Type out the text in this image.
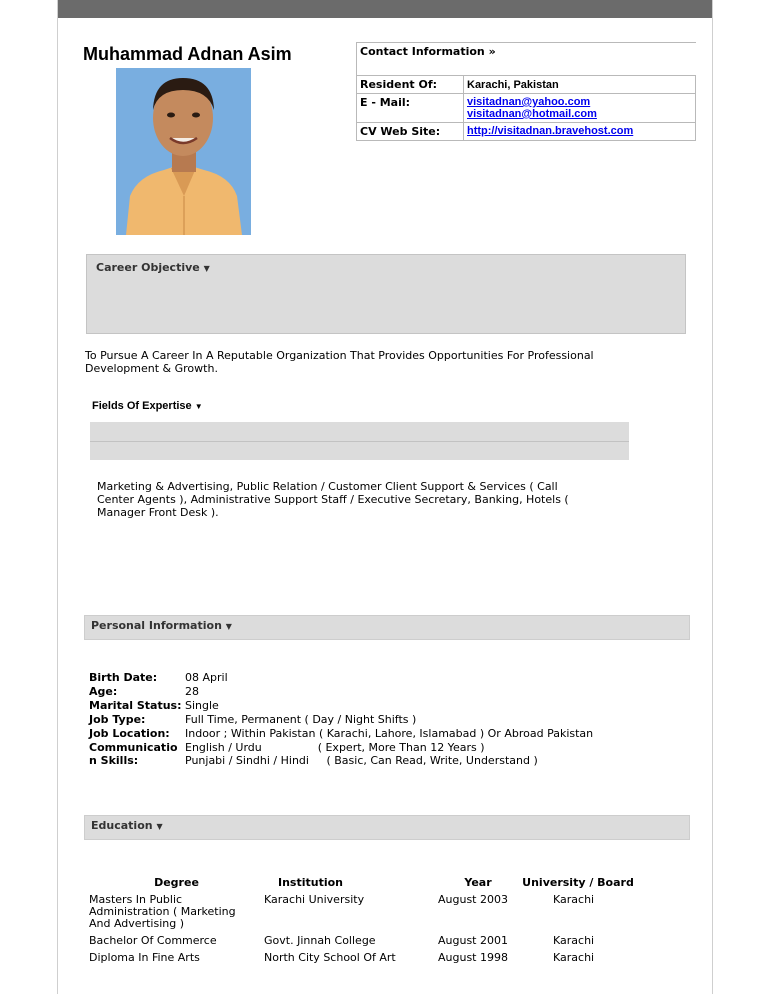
Muhammad Adnan Asim	Contact Information »	
Resident Of:	Karachi, Pakistan
E - Mail:	visitadnan@yahoo.com
visitadnan@hotmail.com

CV Web Site:	http://visitadnan.bravehost.com
Career Objective ▼
To Pursue A Career In A Reputable Organization That Provides Opportunities For Professional Development & Growth.
Fields Of Expertise ▼
Marketing & Advertising, Public Relation / Customer Client Support & Services ( Call Center Agents ), Administrative Support Staff / Executive Secretary, Banking, Hotels ( Manager Front Desk ).
Personal Information ▼
Birth Date:	08 April
Age:	28
Marital Status:	Single
Job Type:	Full Time, Permanent ( Day / Night Shifts )
Job Location:	Indoor ; Within Pakistan ( Karachi, Lahore, Islamabad ) Or Abroad Pakistan
Communication Skills:	English / Urdu                ( Expert, More Than 12 Years )
Punjabi / Sindhi / Hindi     ( Basic, Can Read, Write, Understand )
Education ▼
Degree	Institution	Year	University / Board
Masters In Public Administration ( Marketing And Advertising )	Karachi University	August 2003	Karachi
Bachelor Of Commerce	Govt. Jinnah College	August 2001	Karachi
Diploma In Fine Arts	North City School Of Art	August 1998	Karachi
